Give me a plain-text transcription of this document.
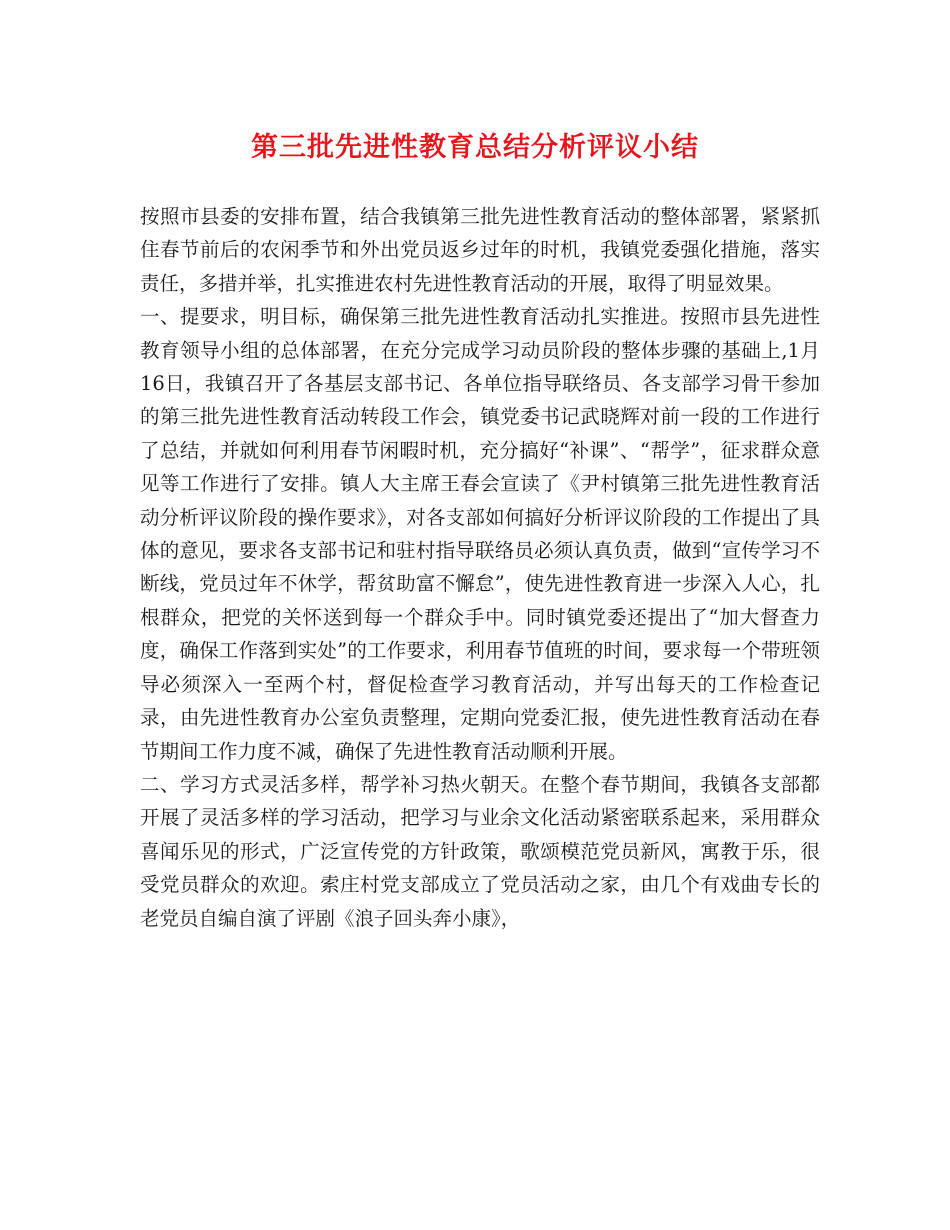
第三批先进性教育总结分析评议小结

按照市县委的安排布置，结合我镇第三批先进性教育活动的整体部署，紧紧抓住春节前后的农闲季节和外出党员返乡过年的时机，我镇党委强化措施，落实责任，多措并举，扎实推进农村先进性教育活动的开展，取得了明显效果。

一、提要求，明目标，确保第三批先进性教育活动扎实推进。按照市县先进性教育领导小组的总体部署，在充分完成学习动员阶段的整体步骤的基础上,1月16日，我镇召开了各基层支部书记、各单位指导联络员、各支部学习骨干参加的第三批先进性教育活动转段工作会，镇党委书记武晓辉对前一段的工作进行了总结，并就如何利用春节闲暇时机，充分搞好“补课”、“帮学”，征求群众意见等工作进行了安排。镇人大主席王春会宣读了《尹村镇第三批先进性教育活动分析评议阶段的操作要求》，对各支部如何搞好分析评议阶段的工作提出了具体的意见，要求各支部书记和驻村指导联络员必须认真负责，做到“宣传学习不断线，党员过年不休学，帮贫助富不懈怠”，使先进性教育进一步深入人心，扎根群众，把党的关怀送到每一个群众手中。同时镇党委还提出了“加大督查力度，确保工作落到实处”的工作要求，利用春节值班的时间，要求每一个带班领导必须深入一至两个村，督促检查学习教育活动，并写出每天的工作检查记录，由先进性教育办公室负责整理，定期向党委汇报，使先进性教育活动在春节期间工作力度不减，确保了先进性教育活动顺利开展。

二、学习方式灵活多样，帮学补习热火朝天。在整个春节期间，我镇各支部都开展了灵活多样的学习活动，把学习与业余文化活动紧密联系起来，采用群众喜闻乐见的形式，广泛宣传党的方针政策，歌颂模范党员新风，寓教于乐，很受党员群众的欢迎。索庄村党支部成立了党员活动之家，由几个有戏曲专长的老党员自编自演了评剧《浪子回头奔小康》，
